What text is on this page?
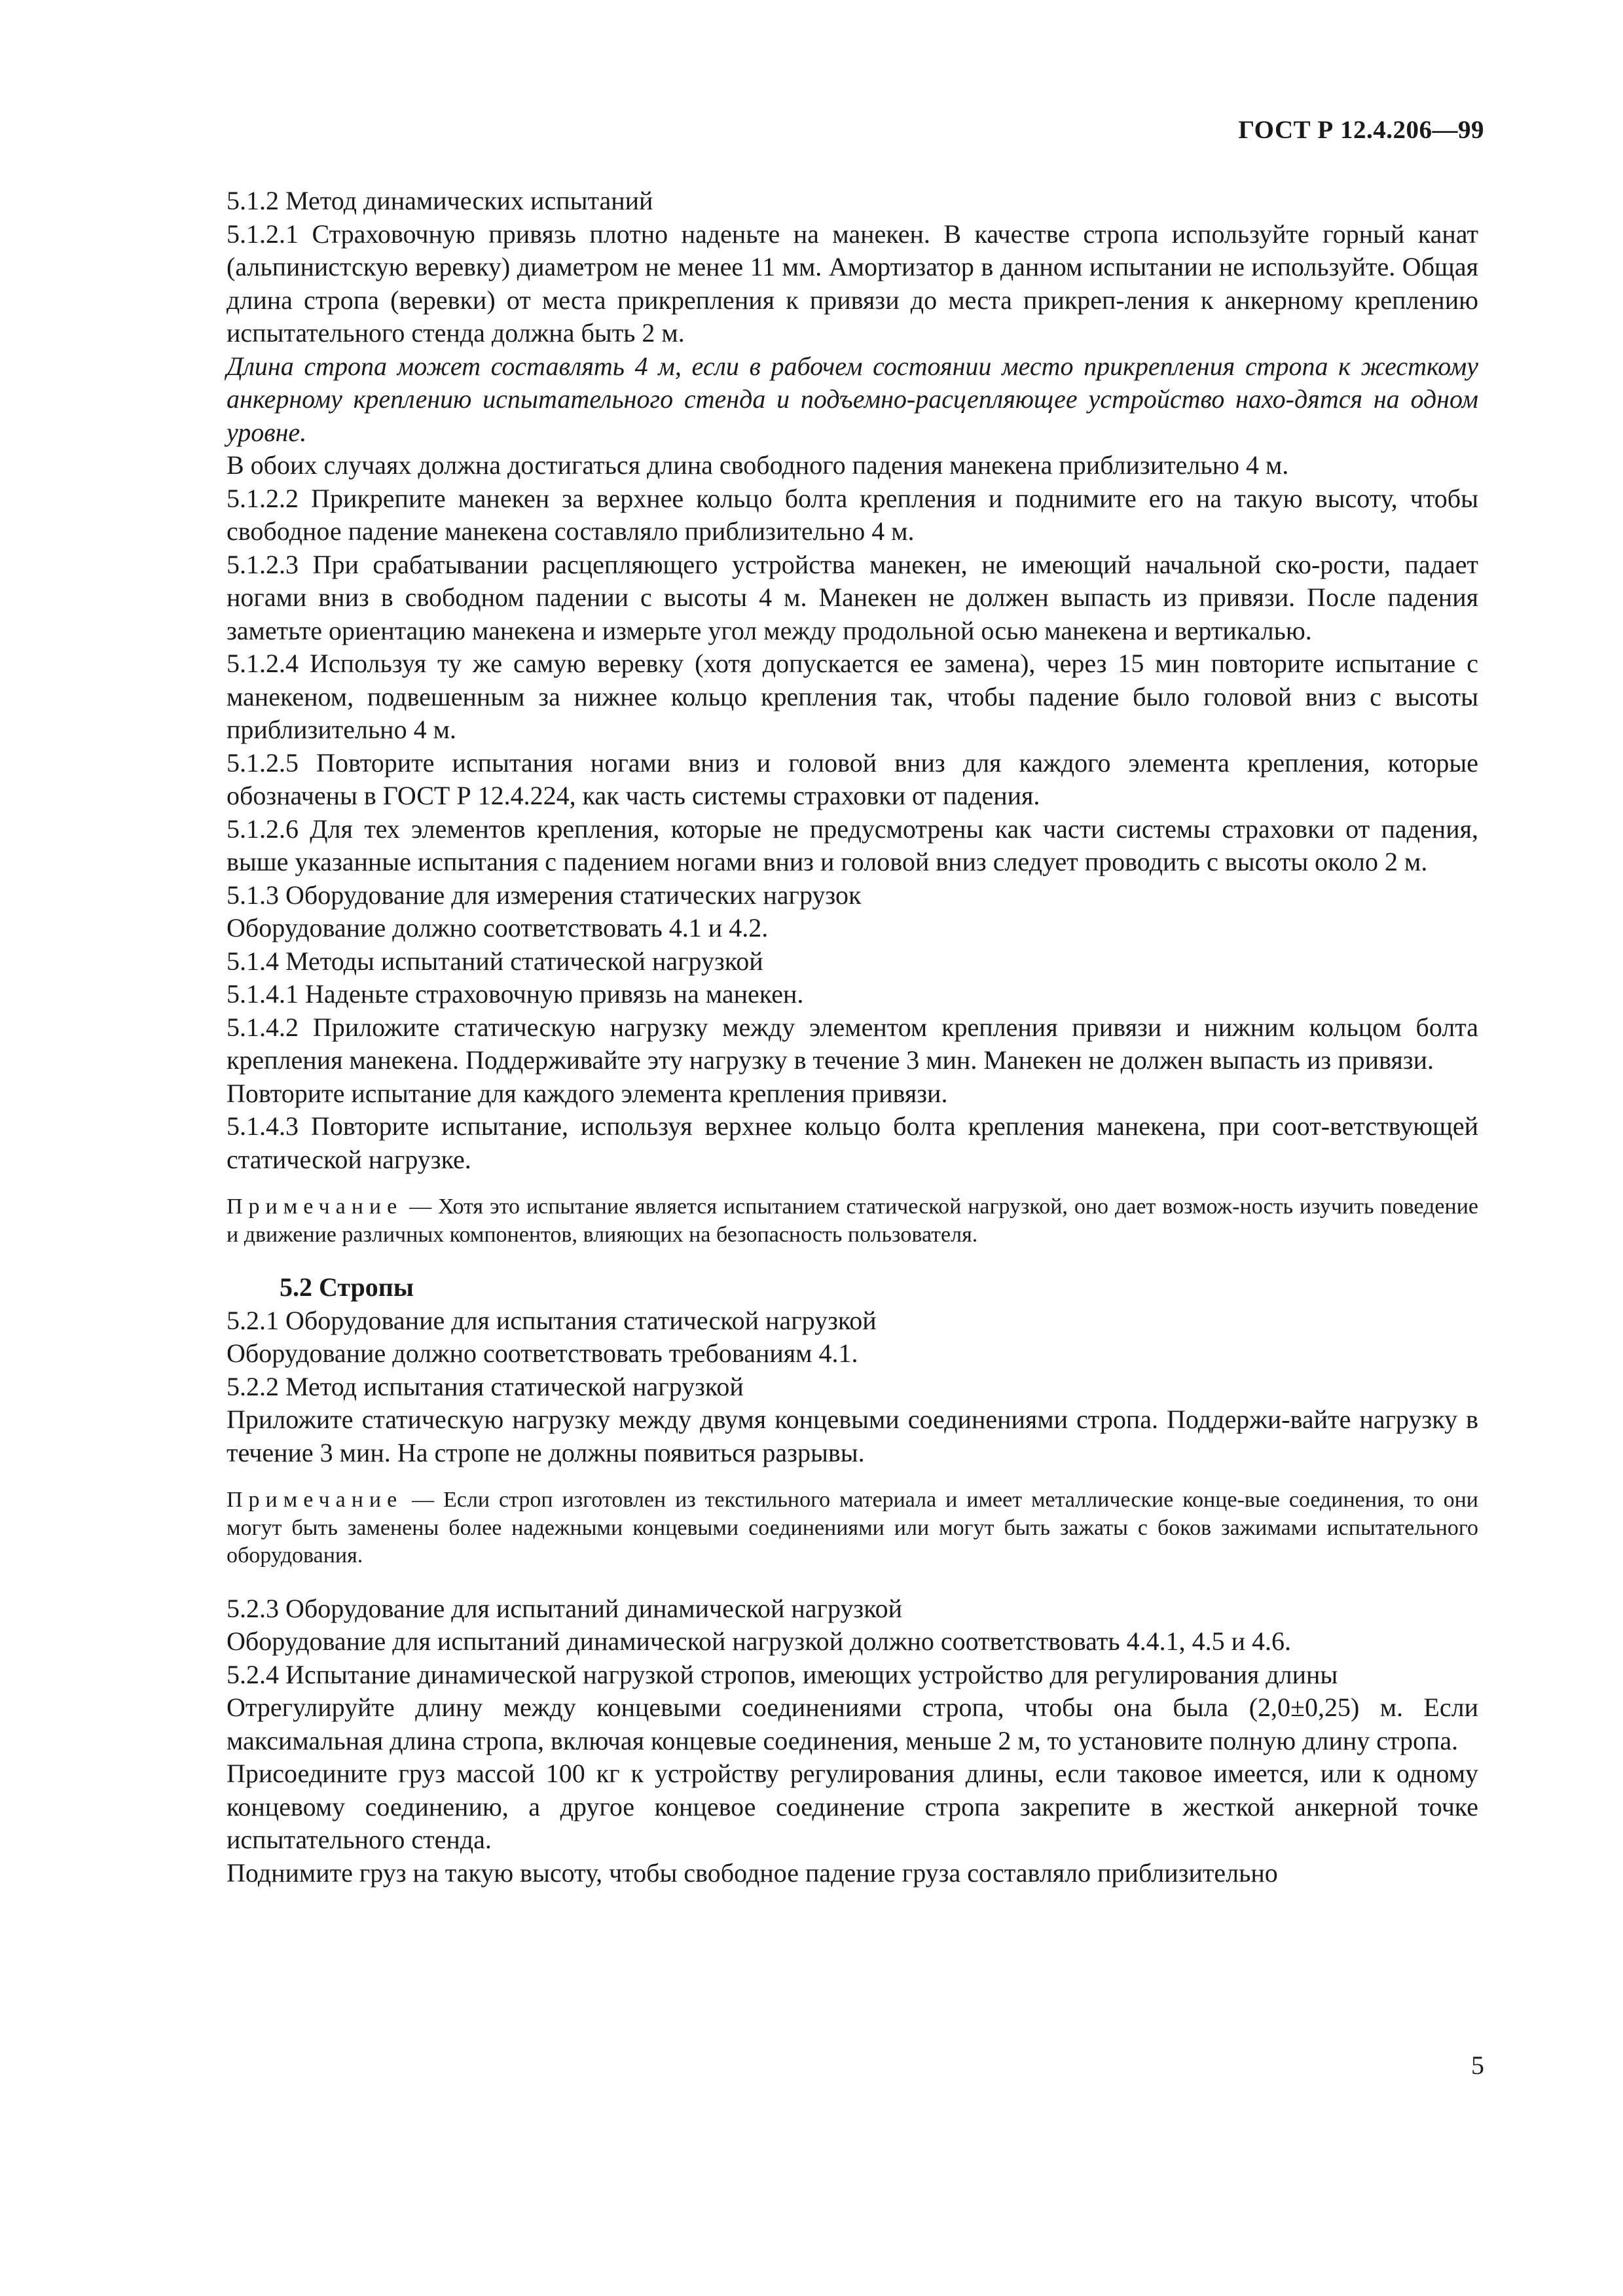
ГОСТ Р 12.4.206—99

5.1.2 Метод динамических испытаний

5.1.2.1 Страховочную привязь плотно наденьте на манекен. В качестве стропа используйте горный канат (альпинистскую веревку) диаметром не менее 11 мм. Амортизатор в данном испытании не используйте. Общая длина стропа (веревки) от места прикрепления к привязи до места прикреп-ления к анкерному креплению испытательного стенда должна быть 2 м.

Длина стропа может составлять 4 м, если в рабочем состоянии место прикрепления стропа к жесткому анкерному креплению испытательного стенда и подъемно-расцепляющее устройство нахо-дятся на одном уровне.

В обоих случаях должна достигаться длина свободного падения манекена приблизительно 4 м.

5.1.2.2 Прикрепите манекен за верхнее кольцо болта крепления и поднимите его на такую высоту, чтобы свободное падение манекена составляло приблизительно 4 м.

5.1.2.3 При срабатывании расцепляющего устройства манекен, не имеющий начальной ско-рости, падает ногами вниз в свободном падении с высоты 4 м. Манекен не должен выпасть из привязи. После падения заметьте ориентацию манекена и измерьте угол между продольной осью манекена и вертикалью.

5.1.2.4 Используя ту же самую веревку (хотя допускается ее замена), через 15 мин повторите испытание с манекеном, подвешенным за нижнее кольцо крепления так, чтобы падение было головой вниз с высоты приблизительно 4 м.

5.1.2.5 Повторите испытания ногами вниз и головой вниз для каждого элемента крепления, которые обозначены в ГОСТ Р 12.4.224, как часть системы страховки от падения.

5.1.2.6 Для тех элементов крепления, которые не предусмотрены как части системы страховки от падения, выше указанные испытания с падением ногами вниз и головой вниз следует проводить с высоты около 2 м.

5.1.3 Оборудование для измерения статических нагрузок

Оборудование должно соответствовать 4.1 и 4.2.

5.1.4 Методы испытаний статической нагрузкой

5.1.4.1 Наденьте страховочную привязь на манекен.

5.1.4.2 Приложите статическую нагрузку между элементом крепления привязи и нижним кольцом болта крепления манекена. Поддерживайте эту нагрузку в течение 3 мин. Манекен не должен выпасть из привязи.

Повторите испытание для каждого элемента крепления привязи.

5.1.4.3 Повторите испытание, используя верхнее кольцо болта крепления манекена, при соот-ветствующей статической нагрузке.

Примечание — Хотя это испытание является испытанием статической нагрузкой, оно дает возмож-ность изучить поведение и движение различных компонентов, влияющих на безопасность пользователя.

5.2 Стропы

5.2.1 Оборудование для испытания статической нагрузкой

Оборудование должно соответствовать требованиям 4.1.

5.2.2 Метод испытания статической нагрузкой

Приложите статическую нагрузку между двумя концевыми соединениями стропа. Поддержи-вайте нагрузку в течение 3 мин. На стропе не должны появиться разрывы.

Примечание — Если строп изготовлен из текстильного материала и имеет металлические конце-вые соединения, то они могут быть заменены более надежными концевыми соединениями или могут быть зажаты с боков зажимами испытательного оборудования.

5.2.3 Оборудование для испытаний динамической нагрузкой

Оборудование для испытаний динамической нагрузкой должно соответствовать 4.4.1, 4.5 и 4.6.

5.2.4 Испытание динамической нагрузкой стропов, имеющих устройство для регулирования длины

Отрегулируйте длину между концевыми соединениями стропа, чтобы она была (2,0±0,25) м. Если максимальная длина стропа, включая концевые соединения, меньше 2 м, то установите полную длину стропа.

Присоедините груз массой 100 кг к устройству регулирования длины, если таковое имеется, или к одному концевому соединению, а другое концевое соединение стропа закрепите в жесткой анкерной точке испытательного стенда.

Поднимите груз на такую высоту, чтобы свободное падение груза составляло приблизительно

5
